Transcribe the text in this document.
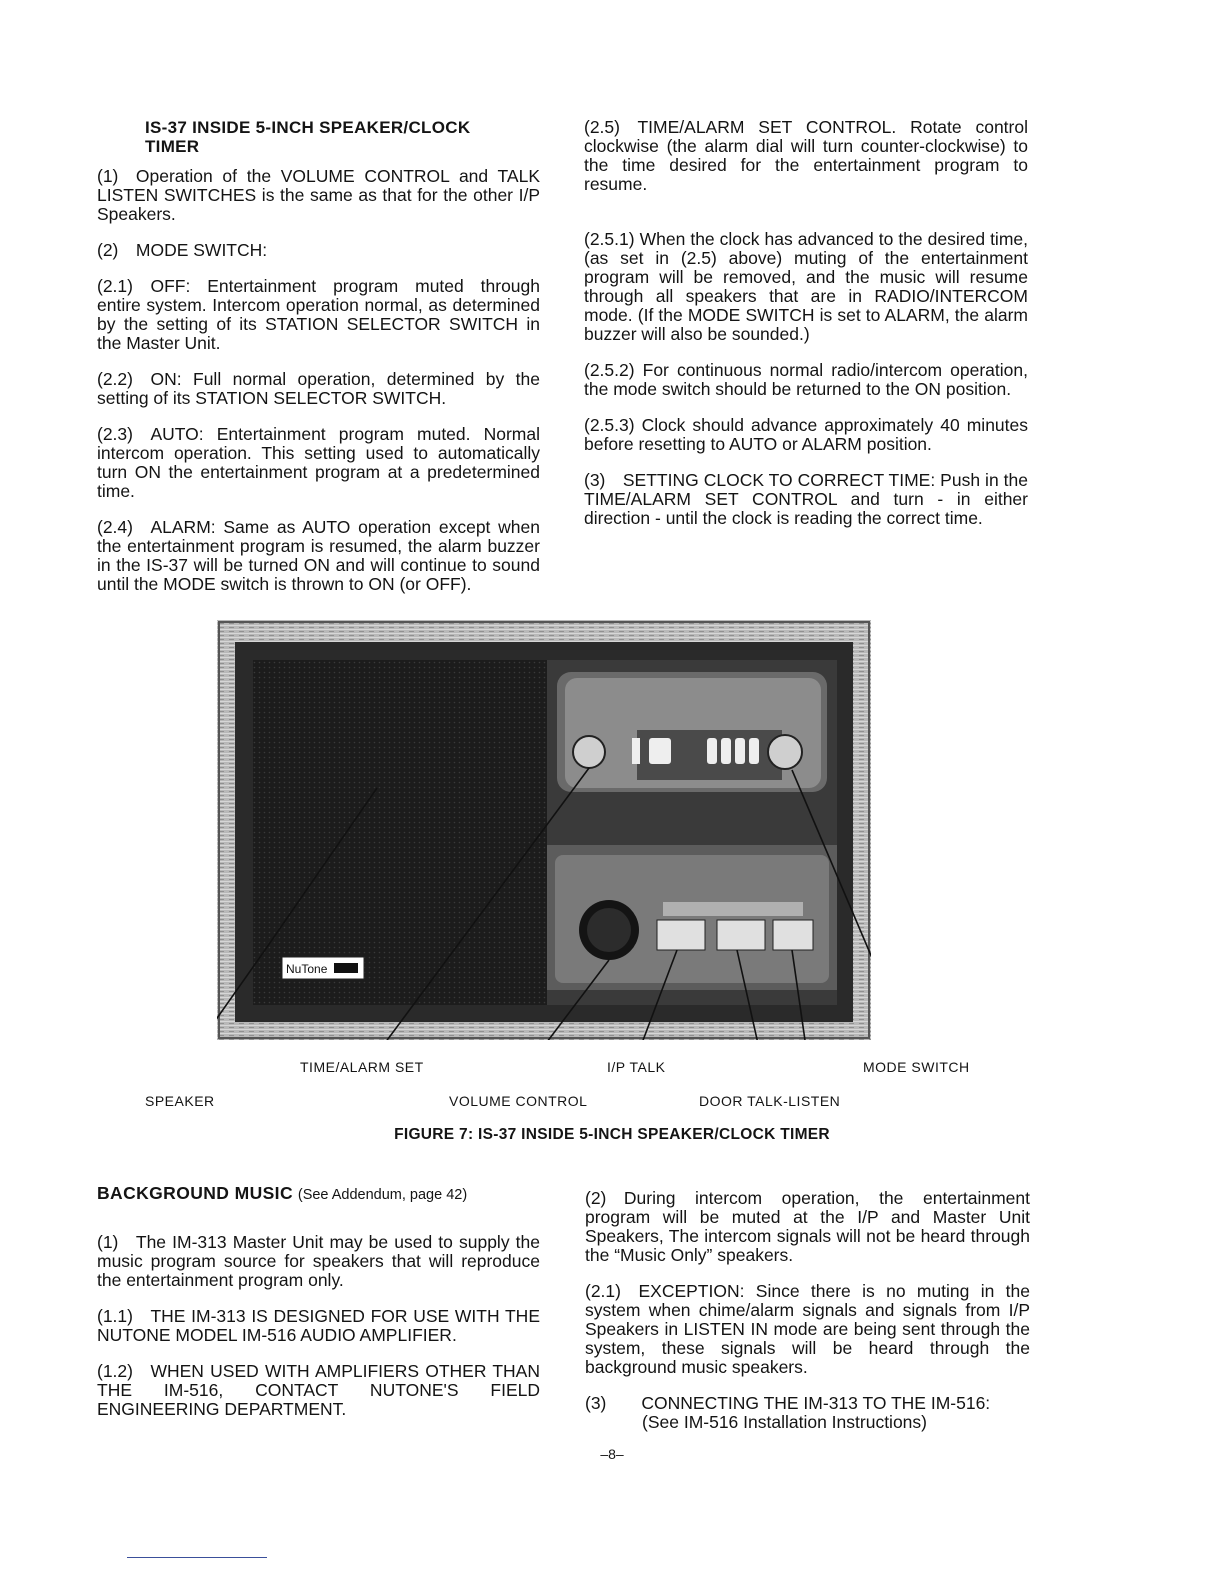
IS-37 INSIDE 5-INCH SPEAKER/CLOCK
TIMER

(1) Operation of the VOLUME CONTROL and TALK LISTEN SWITCHES is the same as that for the other I/P Speakers.

(2) MODE SWITCH:

(2.1) OFF: Entertainment program muted through entire system. Intercom operation normal, as determined by the setting of its STATION SELECTOR SWITCH in the Master Unit.

(2.2) ON: Full normal operation, determined by the setting of its STATION SELECTOR SWITCH.

(2.3) AUTO: Entertainment program muted. Normal intercom operation. This setting used to automatically turn ON the entertainment program at a predetermined time.

(2.4) ALARM: Same as AUTO operation except when the entertainment program is resumed, the alarm buzzer in the IS-37 will be turned ON and will continue to sound until the MODE switch is thrown to ON (or OFF).

(2.5) TIME/ALARM SET CONTROL. Rotate control clockwise (the alarm dial will turn counter-clockwise) to the time desired for the entertainment program to resume.

(2.5.1) When the clock has advanced to the desired time, (as set in (2.5) above) muting of the entertainment program will be removed, and the music will resume through all speakers that are in RADIO/INTERCOM mode. (If the MODE SWITCH is set to ALARM, the alarm buzzer will also be sounded.)

(2.5.2) For continuous normal radio/intercom operation, the mode switch should be returned to the ON position.

(2.5.3) Clock should advance approximately 40 minutes before resetting to AUTO or ALARM position.

(3) SETTING CLOCK TO CORRECT TIME: Push in the TIME/ALARM SET CONTROL and turn - in either direction - until the clock is reading the correct time.

NuTone
SPEAKER
TIME/ALARM SET
VOLUME CONTROL
I/P TALK
DOOR TALK-LISTEN
MODE SWITCH
FIGURE 7: IS-37 INSIDE 5-INCH SPEAKER/CLOCK TIMER
BACKGROUND MUSIC (See Addendum, page 42)

(1) The IM-313 Master Unit may be used to supply the music program source for speakers that will reproduce the entertainment program only.

(1.1) THE IM-313 IS DESIGNED FOR USE WITH THE NUTONE MODEL IM-516 AUDIO AMPLIFIER.

(1.2) WHEN USED WITH AMPLIFIERS OTHER THAN THE IM-516, CONTACT NUTONE'S FIELD ENGINEERING DEPARTMENT.

(2) During intercom operation, the entertainment program will be muted at the I/P and Master Unit Speakers, The intercom signals will not be heard through the “Music Only” speakers.

(2.1) EXCEPTION: Since there is no muting in the system when chime/alarm signals and signals from I/P Speakers in LISTEN IN mode are being sent through the system, these signals will be heard through the background music speakers.

(3)  CONNECTING THE IM-313 TO THE IM-516:

(See IM-516 Installation Instructions)

–8–
